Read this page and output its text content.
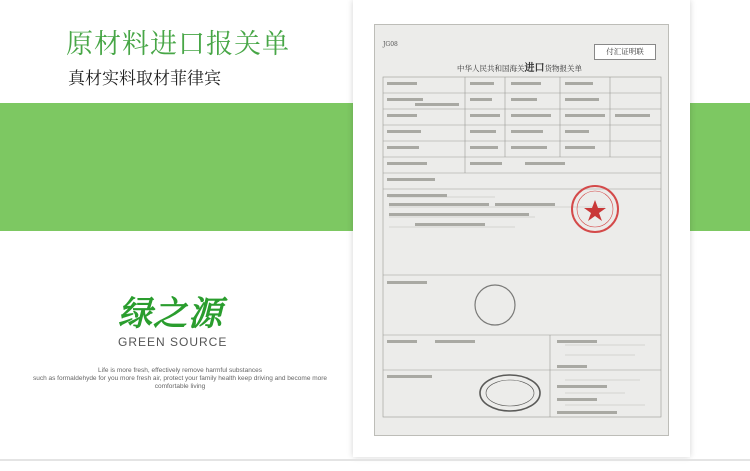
原材料进口报关单
真材实料取材菲律宾
JG08
中华人民共和国海关进口货物报关单
付汇证明联
绿之源
GREEN SOURCE
Life is more fresh, effectively remove harmful substances
such as formaldehyde for you more fresh air, protect your family health keep driving and become more
comfortable living
